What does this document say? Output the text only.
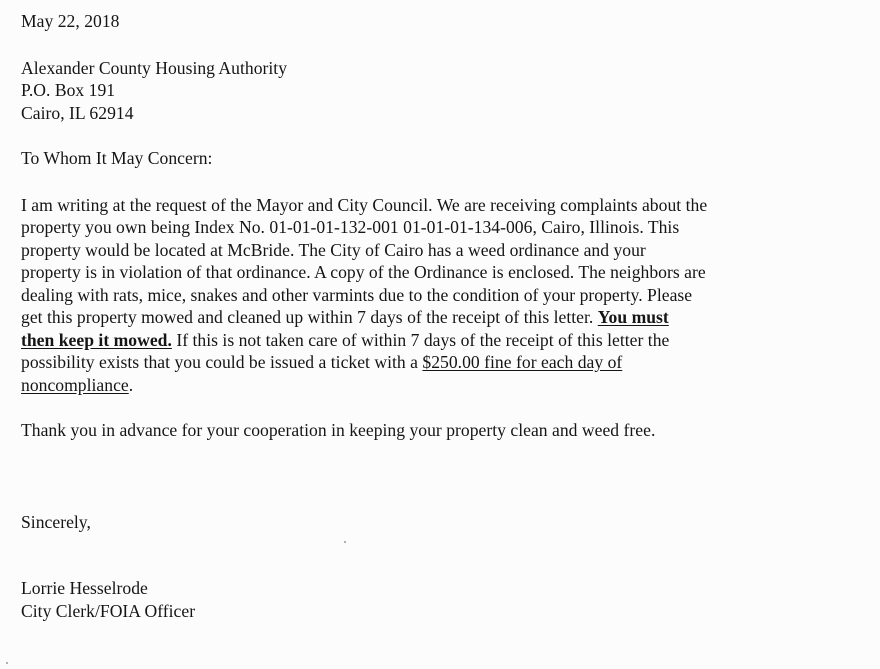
May 22, 2018
Alexander County Housing Authority
P.O. Box 191
Cairo, IL 62914
To Whom It May Concern:
I am writing at the request of the Mayor and City Council. We are receiving complaints about the
property you own being Index No. 01-01-01-132-001 01-01-01-134-006, Cairo, Illinois. This
property would be located at McBride. The City of Cairo has a weed ordinance and your
property is in violation of that ordinance. A copy of the Ordinance is enclosed. The neighbors are
dealing with rats, mice, snakes and other varmints due to the condition of your property. Please
get this property mowed and cleaned up within 7 days of the receipt of this letter. You must
then keep it mowed. If this is not taken care of within 7 days of the receipt of this letter the
possibility exists that you could be issued a ticket with a $250.00 fine for each day of
noncompliance.
Thank you in advance for your cooperation in keeping your property clean and weed free.
Sincerely,
Lorrie Hesselrode
City Clerk/FOIA Officer
